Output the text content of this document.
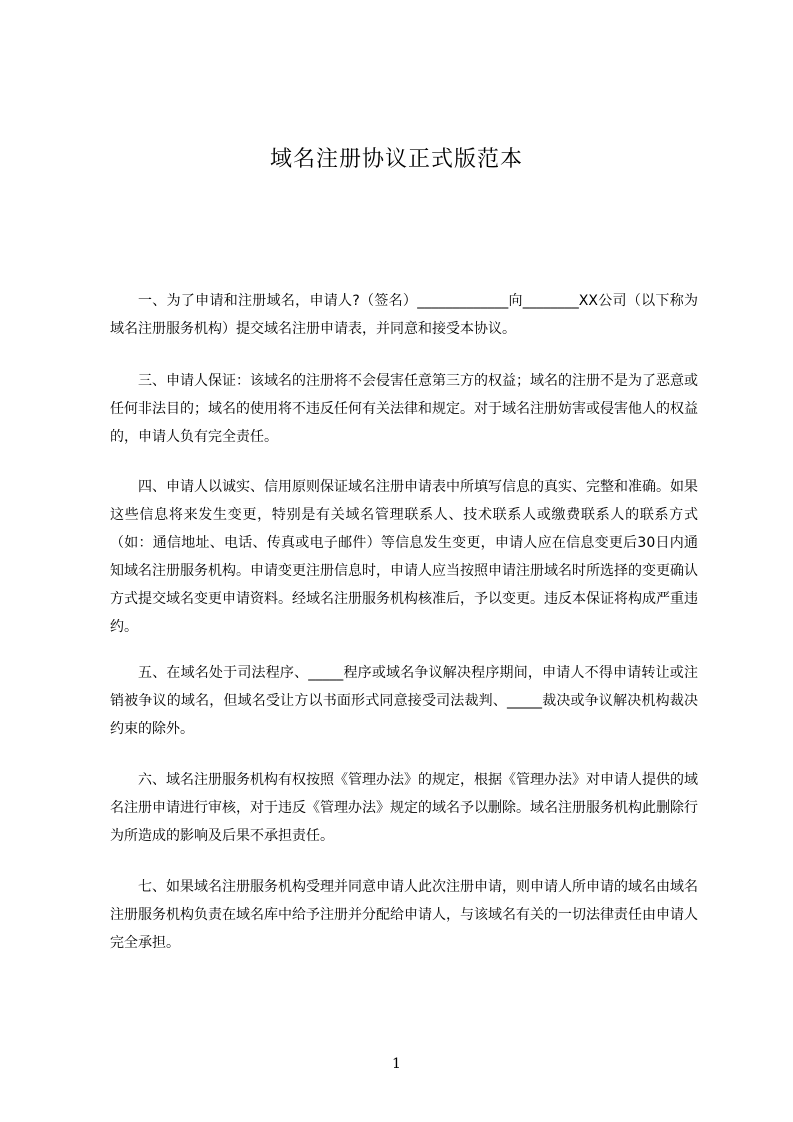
域名注册协议正式版范本

一、为了申请和注册域名，申请人?（签名）_____________向________XX公司（以下称为域名注册服务机构）提交域名注册申请表，并同意和接受本协议。

三、申请人保证：该域名的注册将不会侵害任意第三方的权益；域名的注册不是为了恶意或任何非法目的；域名的使用将不违反任何有关法律和规定。对于域名注册妨害或侵害他人的权益的，申请人负有完全责任。

四、申请人以诚实、信用原则保证域名注册申请表中所填写信息的真实、完整和准确。如果这些信息将来发生变更，特别是有关域名管理联系人、技术联系人或缴费联系人的联系方式（如：通信地址、电话、传真或电子邮件）等信息发生变更，申请人应在信息变更后30日内通知域名注册服务机构。申请变更注册信息时，申请人应当按照申请注册域名时所选择的变更确认方式提交域名变更申请资料。经域名注册服务机构核准后，予以变更。违反本保证将构成严重违约。

五、在域名处于司法程序、_____程序或域名争议解决程序期间，申请人不得申请转让或注销被争议的域名，但域名受让方以书面形式同意接受司法裁判、_____裁决或争议解决机构裁决约束的除外。

六、域名注册服务机构有权按照《管理办法》的规定，根据《管理办法》对申请人提供的域名注册申请进行审核，对于违反《管理办法》规定的域名予以删除。域名注册服务机构此删除行为所造成的影响及后果不承担责任。

七、如果域名注册服务机构受理并同意申请人此次注册申请，则申请人所申请的域名由域名注册服务机构负责在域名库中给予注册并分配给申请人，与该域名有关的一切法律责任由申请人完全承担。

1
